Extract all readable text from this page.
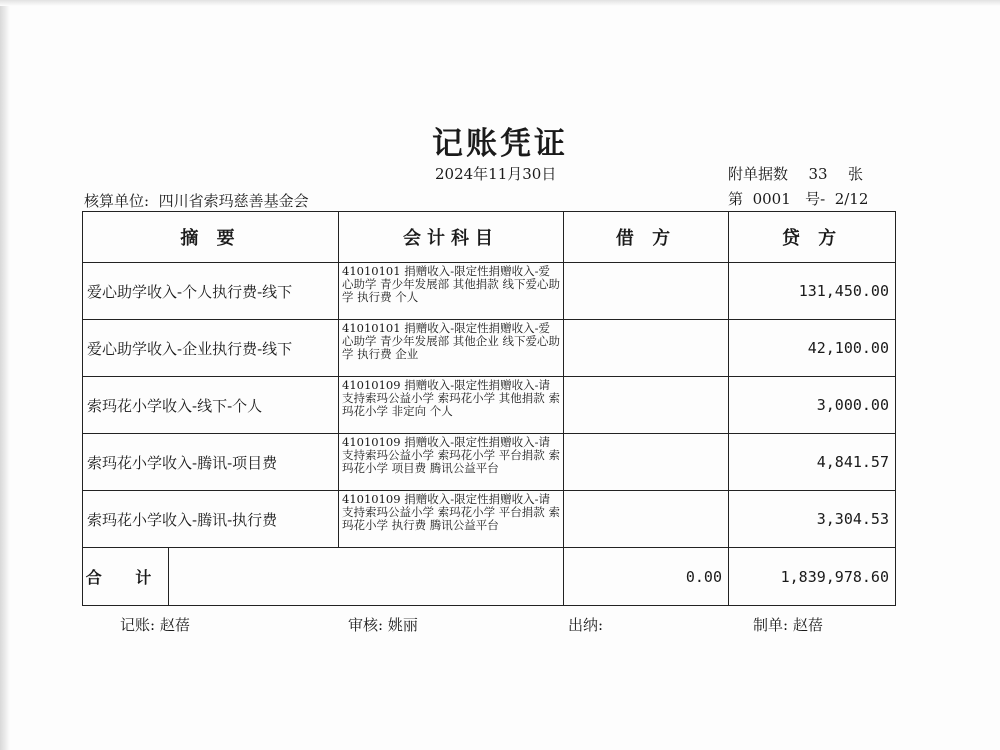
记账凭证
2024年11月30日	附单据数 33 张
核算单位: 四川省索玛慈善基金会	第 0001 号- 2/12
摘 要		会计科目	借 方	贷 方
爱心助学收入-个人执行费-线下		41010101 捐赠收入-限定性捐赠收入-爱心助学 青少年发展部 其他捐款 线下爱心助学 执行费 个人		131,450.00
爱心助学收入-企业执行费-线下		41010101 捐赠收入-限定性捐赠收入-爱心助学 青少年发展部 其他企业 线下爱心助学 执行费 企业		42,100.00
索玛花小学收入-线下-个人		41010109 捐赠收入-限定性捐赠收入-请支持索玛公益小学 索玛花小学 其他捐款 索玛花小学 非定向 个人		3,000.00
索玛花小学收入-腾讯-项目费		41010109 捐赠收入-限定性捐赠收入-请支持索玛公益小学 索玛花小学 平台捐款 索玛花小学 项目费 腾讯公益平台		4,841.57
索玛花小学收入-腾讯-执行费		41010109 捐赠收入-限定性捐赠收入-请支持索玛公益小学 索玛花小学 平台捐款 索玛花小学 执行费 腾讯公益平台		3,304.53
合 计			0.00	1,839,978.60
记账: 赵蓓	审核: 姚丽	出纳:	制单: 赵蓓
